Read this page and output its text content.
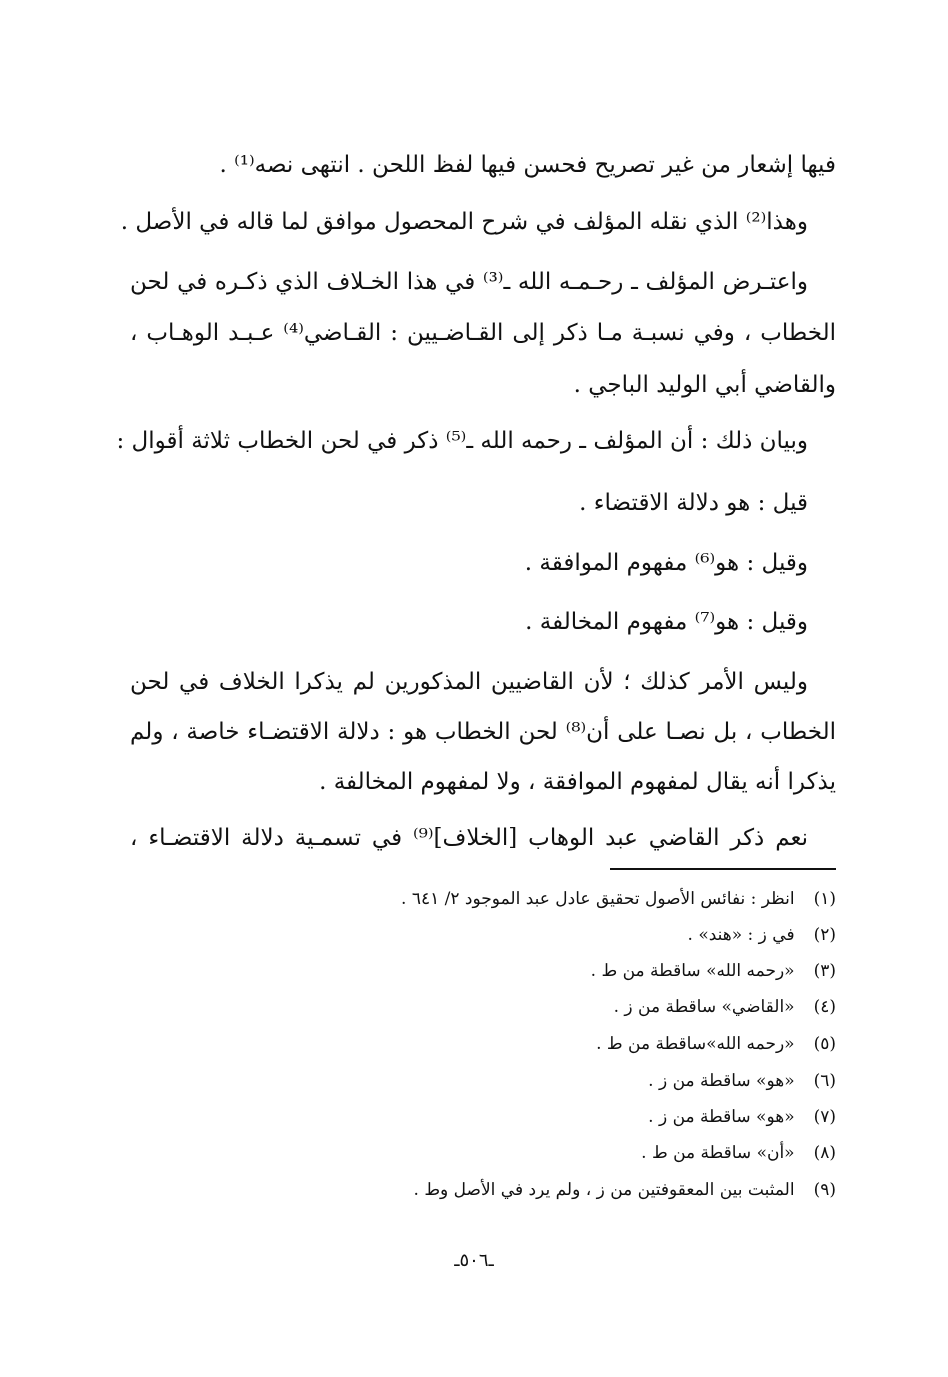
فيها إشعار من غير تصريح فحسن فيها لفظ اللحن . انتهى نصه⁽¹⁾ .
وهذا⁽²⁾ الذي نقله المؤلف في شرح المحصول موافق لما قاله في الأصل .
واعتـرض المؤلف ـ رحـمـه الله ـ⁽³⁾ في هذا الخـلاف الذي ذكـره في لحن
الخطاب ، وفي نسبـة مـا ذكر إلى القـاضـيين : القـاضي⁽⁴⁾ عـبـد الوهـاب ،
والقاضي أبي الوليد الباجي .
وبيان ذلك : أن المؤلف ـ رحمه الله ـ⁽⁵⁾ ذكر في لحن الخطاب ثلاثة أقوال :
قيل : هو دلالة الاقتضاء .
وقيل : هو⁽⁶⁾ مفهوم الموافقة .
وقيل : هو⁽⁷⁾ مفهوم المخالفة .
وليس الأمر كذلك ؛ لأن القاضيين المذكورين لم يذكرا الخلاف في لحن
الخطاب ، بل نصـا على أن⁽⁸⁾ لحن الخطاب هو : دلالة الاقتضـاء خاصة ، ولم
يذكرا أنه يقال لمفهوم الموافقة ، ولا لمفهوم المخالفة .
نعم ذكر القاضي عبد الوهاب [الخلاف]⁽⁹⁾ في تسمـية دلالة الاقتضـاء ،
(١) انظر : نفائس الأصول تحقيق عادل عبد الموجود ٢/ ٦٤١ .
(٢) في ز : «هند» .
(٣) «رحمه الله» ساقطة من ط .
(٤) «القاضي» ساقطة من ز .
(٥) «رحمه الله»ساقطة من ط .
(٦) «هو» ساقطة من ز .
(٧) «هو» ساقطة من ز .
(٨) «أن» ساقطة من ط .
(٩) المثبت بين المعقوفتين من ز ، ولم يرد في الأصل وط .
ـ٥٠٦ـ
